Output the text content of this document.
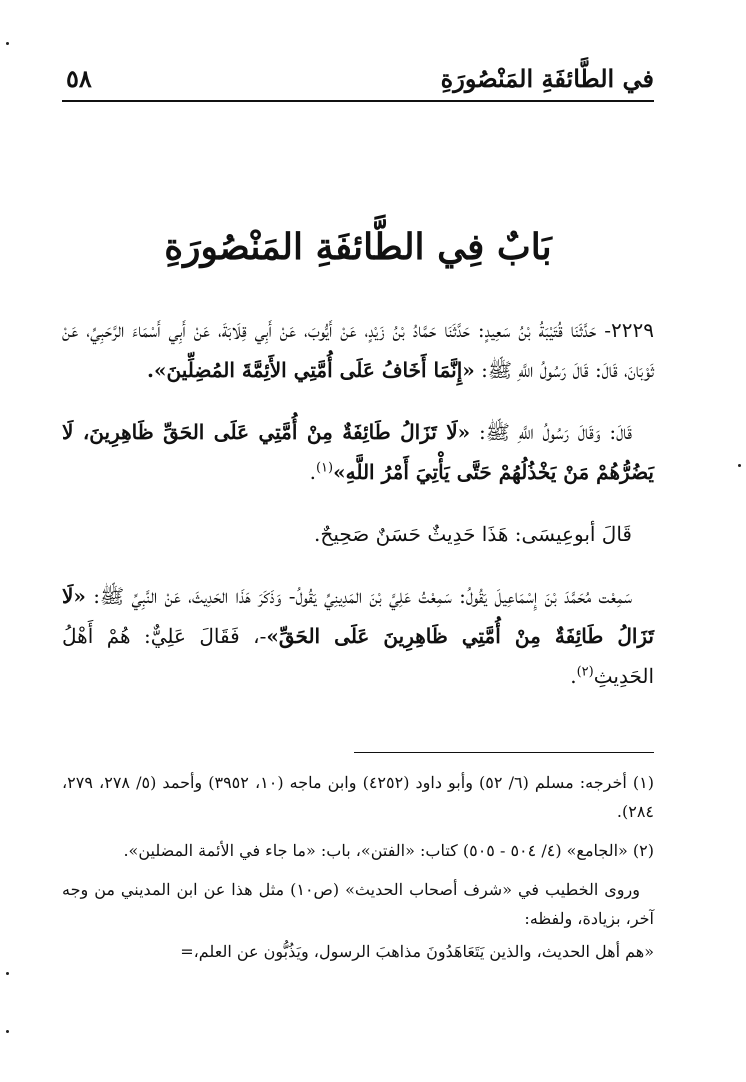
في الطَّائفَةِ المَنْصُورَةِ
٥٨
بَابٌ فِي الطَّائفَةِ المَنْصُورَةِ

٢٢٢٩- حَدَّثَنَا قُتَيْبَةُ بْنُ سَعِيدٍ: حَدَّثَنَا حَمَّادُ بْنُ زَيْدٍ، عَنْ أَيُّوبَ، عَنْ أَبِي قِلَابَةَ، عَنْ أَبِي أَسْمَاءَ الرَّحَبِيِّ، عَنْ ثَوْبَانَ، قَالَ: قَالَ رَسُولُ اللَّهِ ﷺ: «إِنَّمَا أَخَافُ عَلَى أُمَّتِي الأَئِمَّةَ المُضِلِّينَ».

قَالَ: وَقَالَ رَسُولُ اللَّهِ ﷺ: «لَا تَزَالُ طَائِفَةٌ مِنْ أُمَّتِي عَلَى الحَقِّ ظَاهِرِينَ، لَا يَضُرُّهُمْ مَنْ يَخْذُلُهُمْ حَتَّى يَأْتِيَ أَمْرُ اللَّهِ»$^{(١)}$.

قَالَ أبوعِيسَى: هَذَا حَدِيثٌ حَسَنٌ صَحِيحٌ.

سَمِعْت مُحَمَّدَ بْنَ إِسْمَاعِيلَ يَقُولُ: سَمِعْتُ عَلِيَّ بْنَ المَدِينِيِّ يَقُولُ- وَذَكَرَ هَذَا الحَدِيثَ، عَنْ النَّبِيِّ ﷺ: «لَا تَزَالُ طَائِفَةٌ مِنْ أُمَّتِي ظَاهِرِينَ عَلَى الحَقِّ»-، فَقَالَ عَلِيٌّ: هُمْ أَهْلُ الحَدِيثِ$^{(٢)}$.

(١) أخرجه: مسلم (٦/ ٥٢) وأبو داود (٤٢٥٢) وابن ماجه (١٠، ٣٩٥٢) وأحمد (٥/ ٢٧٨، ٢٧٩، ٢٨٤).

(٢) «الجامع» (٤/ ٥٠٤ - ٥٠٥) كتاب: «الفتن»، باب: «ما جاء في الأئمة المضلين».

وروى الخطيب في «شرف أصحاب الحديث» (ص١٠) مثل هذا عن ابن المديني من وجه آخر، بزيادة، ولفظه:

«هم أهل الحديث، والذين يَتَعَاهَدُونَ مذاهبَ الرسول، ويَذُبُّون عن العلم،=
